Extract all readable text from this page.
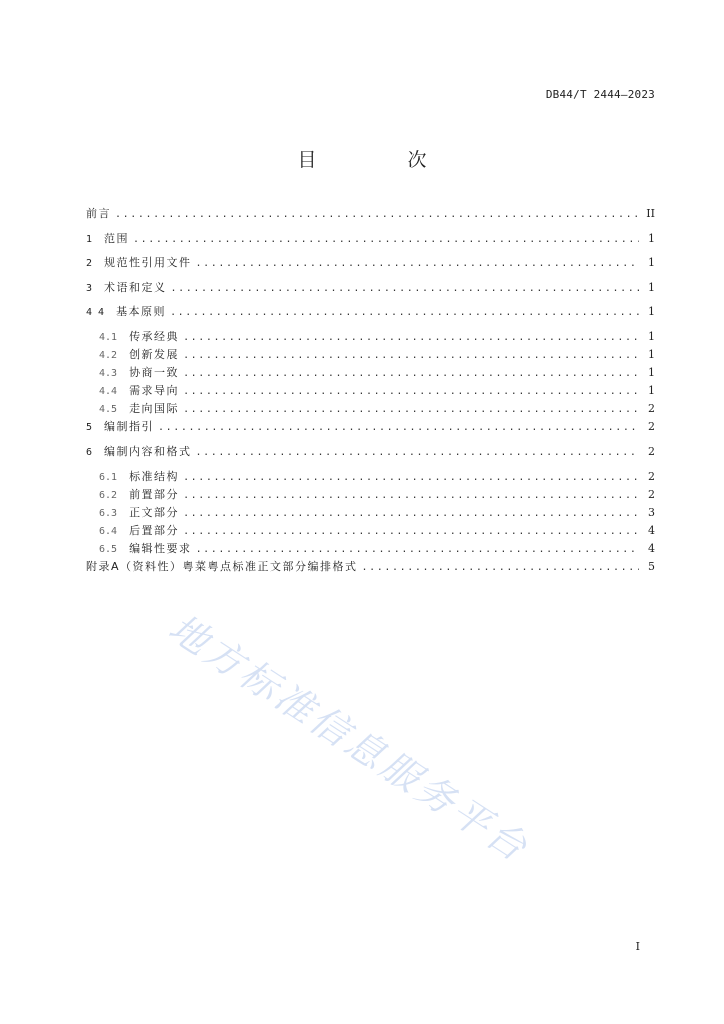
DB44/T 2444—2023
目　次
前言 .....	II
1 范围 .....	1
2 规范性引用文件 .....	1
3 术语和定义 .....	1
4 4 基本原则 .....	1
4.1 传承经典 .....	1
4.2 创新发展 .....	1
4.3 协商一致 .....	1
4.4 需求导向 .....	1
4.5 走向国际 .....	2
5 编制指引 .....	2
6 编制内容和格式 .....	2
6.1 标准结构 .....	2
6.2 前置部分 .....	2
6.3 正文部分 .....	3
6.4 后置部分 .....	4
6.5 编辑性要求 .....	4
附录A（资料性）粤菜粤点标准正文部分编排格式 .....	5
地方标准信息服务平台
I
